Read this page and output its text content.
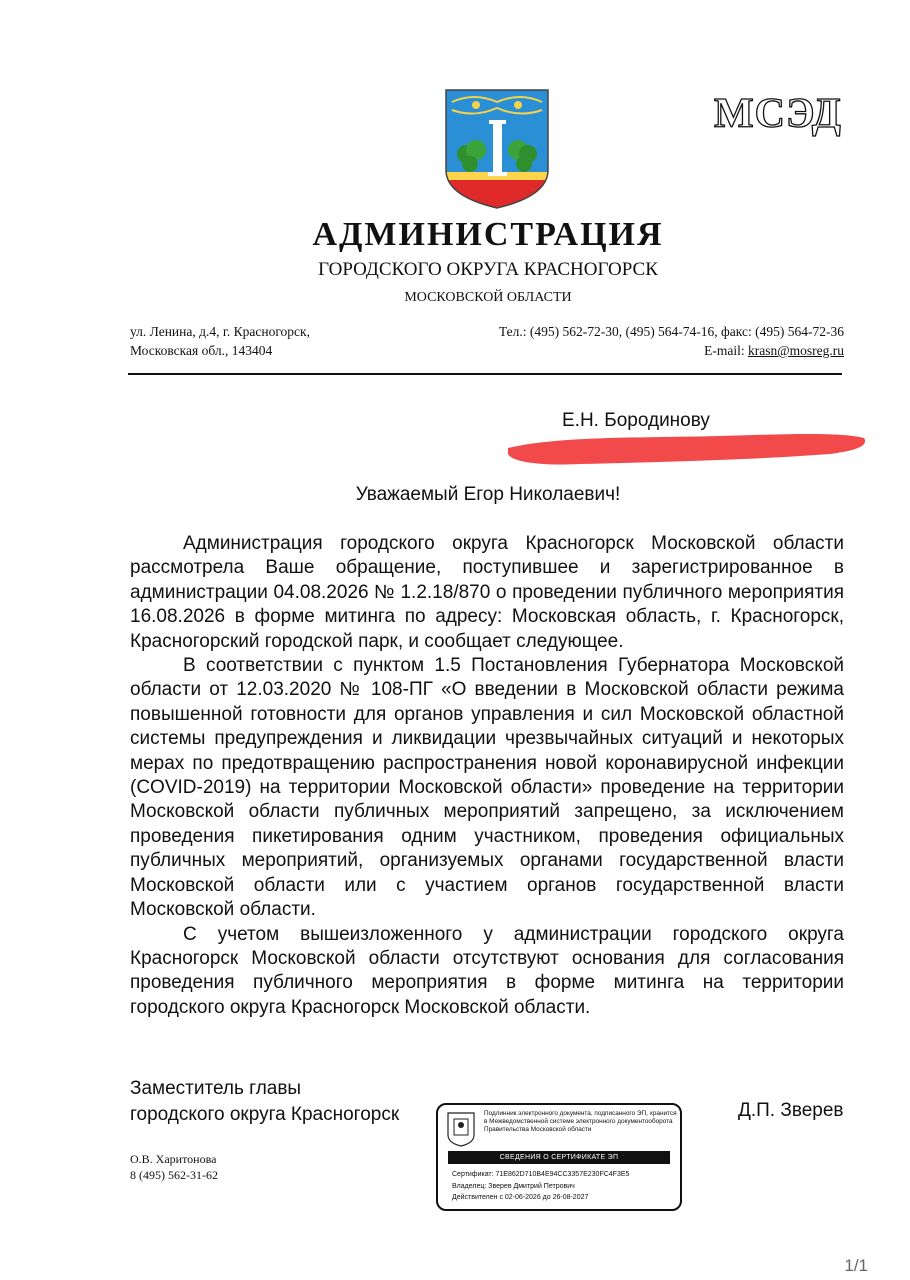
МСЭД
АДМИНИСТРАЦИЯ
ГОРОДСКОГО ОКРУГА КРАСНОГОРСК
МОСКОВСКОЙ ОБЛАСТИ
ул. Ленина, д.4, г. Красногорск,
Московская обл., 143404
Тел.: (495) 562-72-30, (495) 564-74-16, факс: (495) 564-72-36
E-mail: krasn@mosreg.ru
Е.Н. Бородинову
Уважаемый Егор Николаевич!

Администрация городского округа Красногорск Московской области рассмотрела Ваше обращение, поступившее и зарегистрированное в администрации 04.08.2026 № 1.2.18/870 о проведении публичного мероприятия 16.08.2026 в форме митинга по адресу: Московская область, г. Красногорск, Красногорский городской парк, и сообщает следующее.

В соответствии с пунктом 1.5 Постановления Губернатора Московской области от 12.03.2020 № 108-ПГ «О введении в Московской области режима повышенной готовности для органов управления и сил Московской областной системы предупреждения и ликвидации чрезвычайных ситуаций и некоторых мерах по предотвращению распространения новой коронавирусной инфекции (COVID-2019) на территории Московской области» проведение на территории Московской области публичных мероприятий запрещено, за исключением проведения пикетирования одним участником, проведения официальных публичных мероприятий, организуемых органами государственной власти Московской области или с участием органов государственной власти Московской области.

С учетом вышеизложенного у администрации городского округа Красногорск Московской области отсутствуют основания для согласования проведения публичного мероприятия в форме митинга на территории городского округа Красногорск Московской области.

Заместитель главы
городского округа Красногорск	Д.П. Зверев
Подлинник электронного документа, подписанного ЭП, хранится в Межведомственной системе электронного документооборота Правительства Московской области
СВЕДЕНИЯ О СЕРТИФИКАТЕ ЭП
Сертификат: 71E862D710B4E94CC3357E230FC4F3E5
Владелец: Зверев Дмитрий Петрович
Действителен с 02-06-2026 до 26-08-2027
О.В. Харитонова
8 (495) 562-31-62
1/1
